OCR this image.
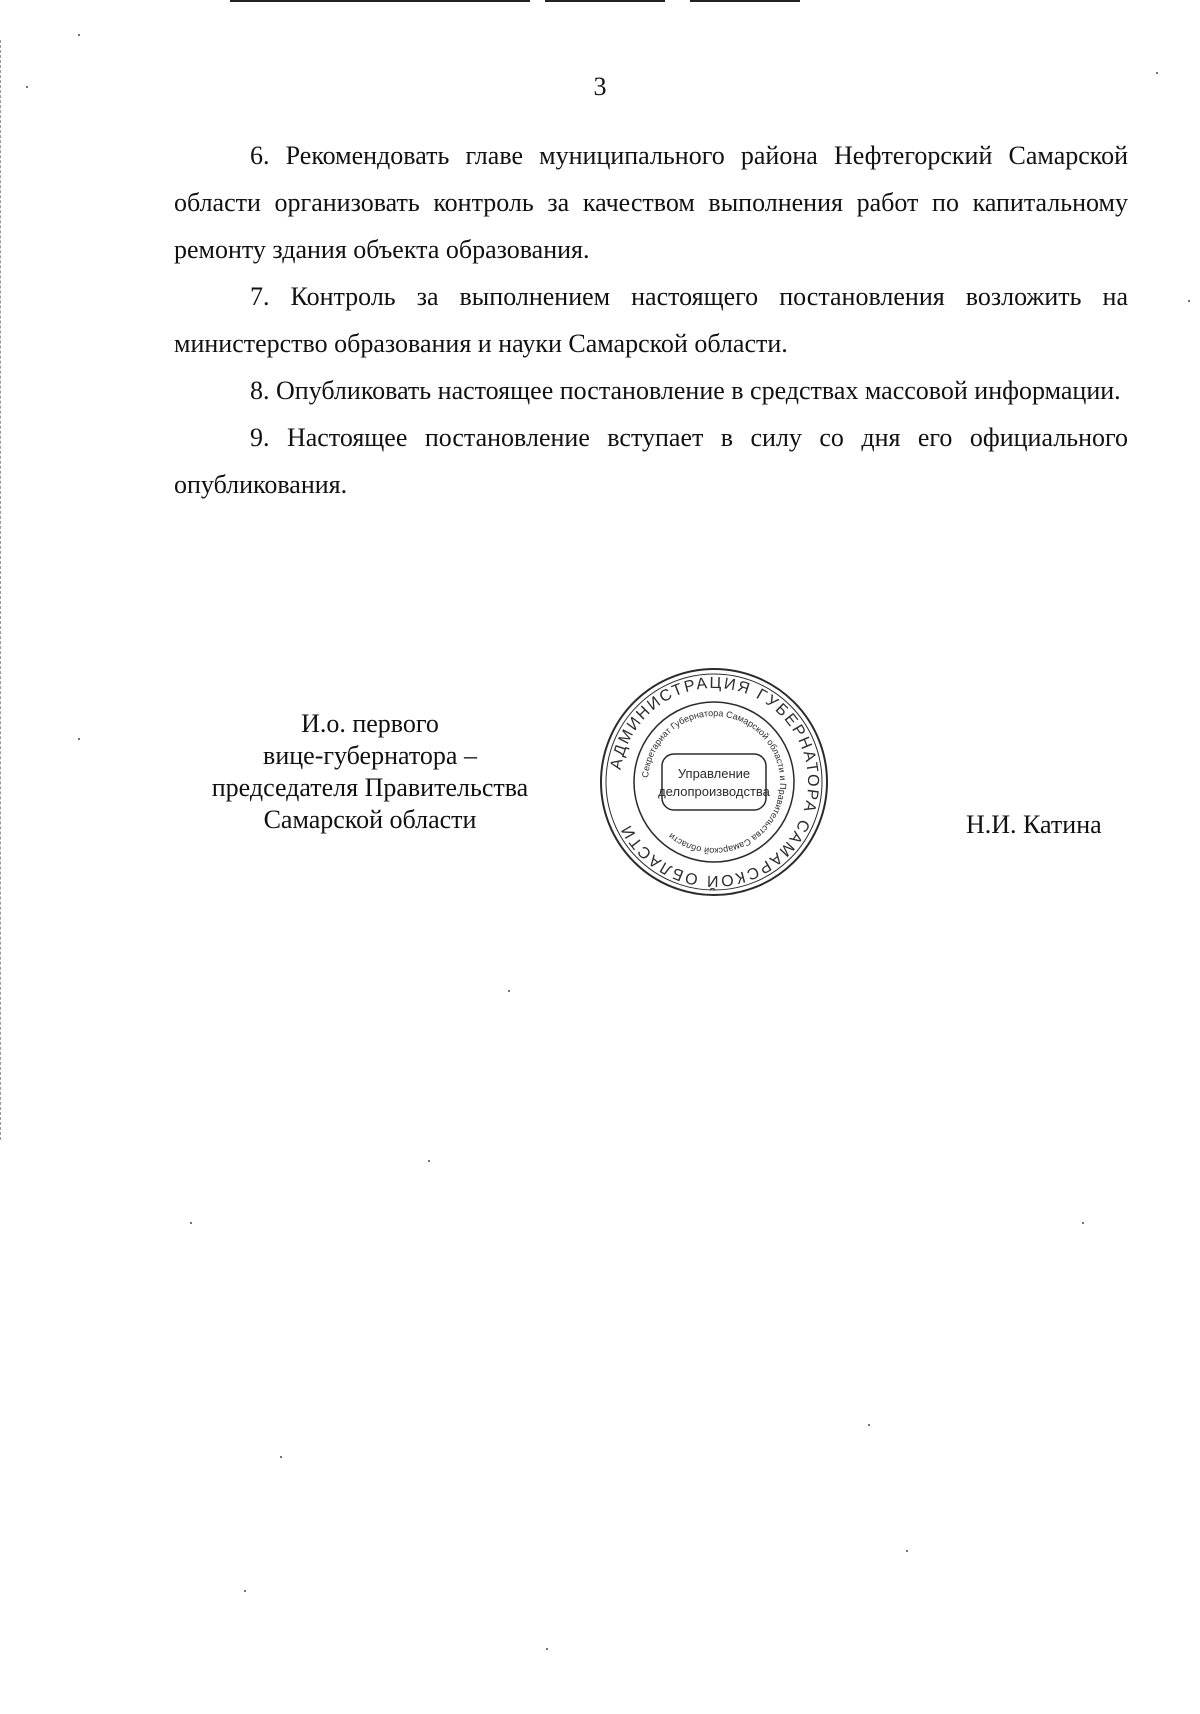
3

6. Рекомендовать главе муниципального района Нефтегорский Самарской области организовать контроль за качеством выполнения работ по капитальному ремонту здания объекта образования.

7. Контроль за выполнением настоящего постановления возложить на министерство образования и науки Самарской области.

8. Опубликовать настоящее постановление в средствах массовой информации.

9. Настоящее постановление вступает в силу со дня его официального опубликования.

И.о. первого
вице-губернатора –
председателя Правительства
Самарской области
АДМИНИСТРАЦИЯ ГУБЕРНАТОРА САМАРСКОЙ ОБЛАСТИ
Секретариат Губернатора Самарской области и Правительства Самарской области
Управление
делопроизводства
Н.И. Катина
